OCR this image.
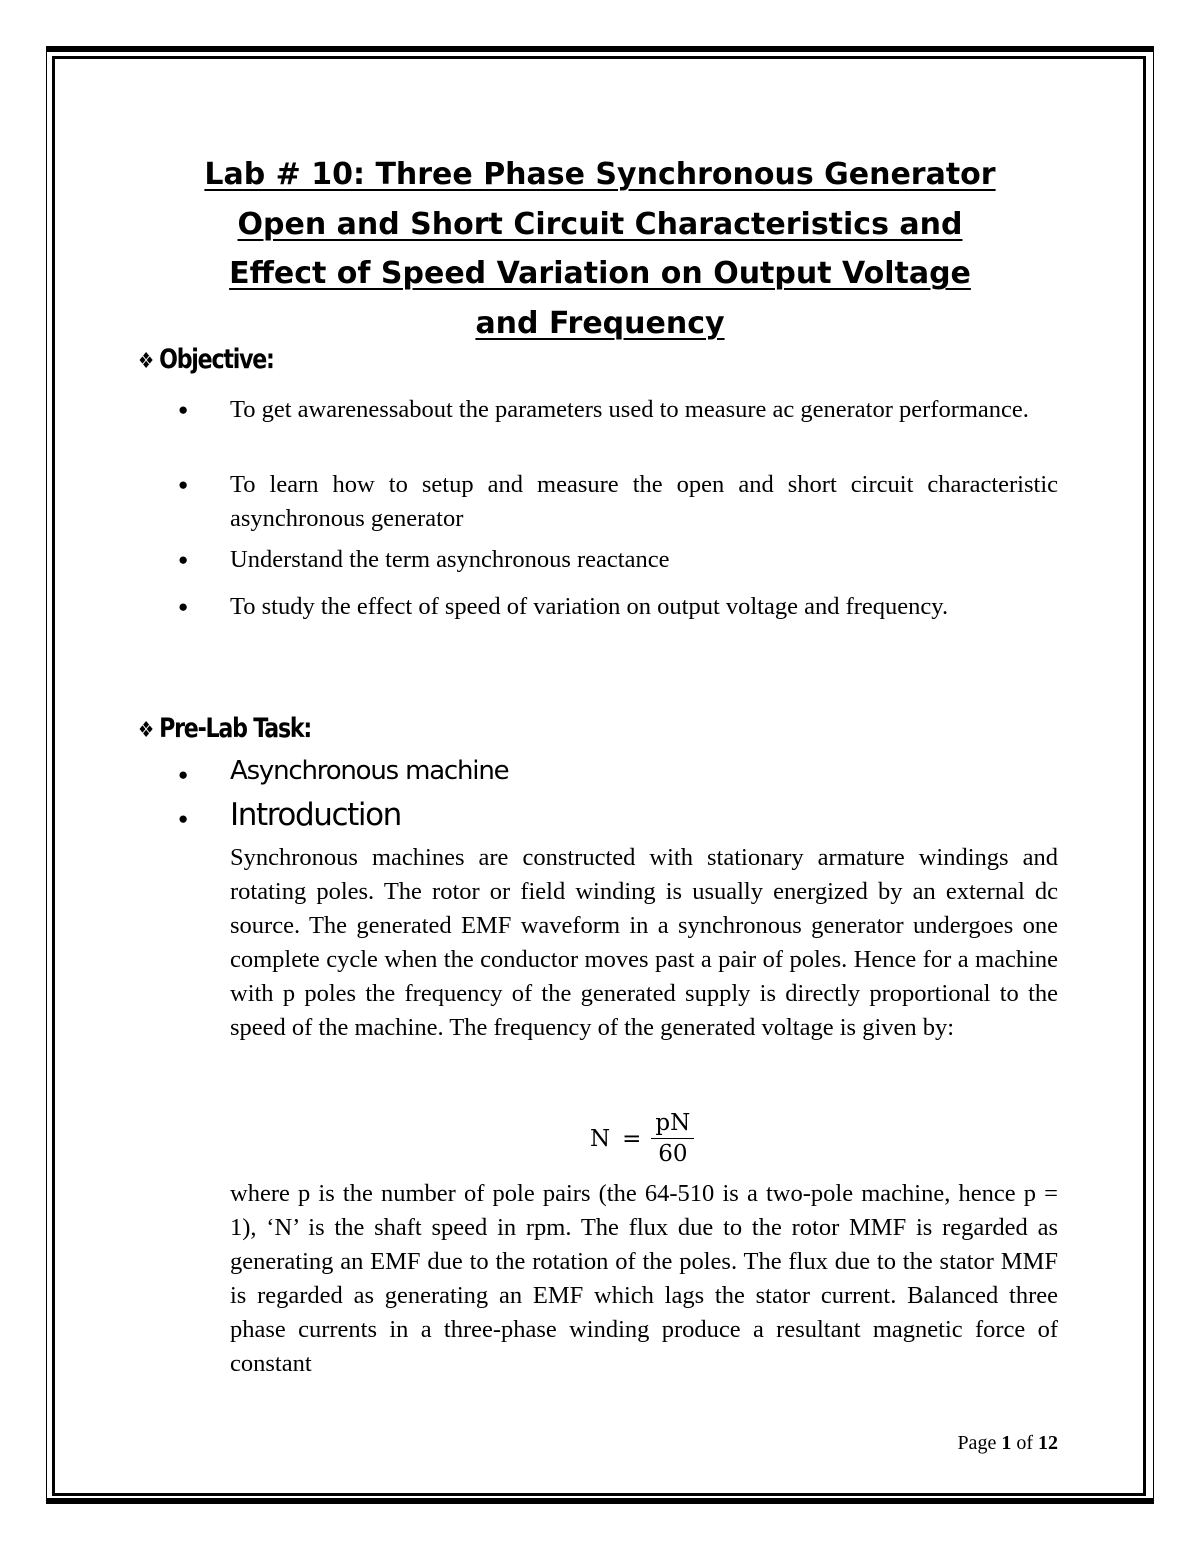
Lab # 10: Three Phase Synchronous Generator
Open and Short Circuit Characteristics and
Effect of Speed Variation on Output Voltage
and Frequency
❖ Objective:
● To get awarenessabout the parameters used to measure ac generator performance.

● To learn how to setup and measure the open and short circuit characteristic asynchronous generator

● Understand the term asynchronous reactance

● To study the effect of speed of variation on output voltage and frequency.

❖ Pre-Lab Task:
● Asynchronous machine
● Introduction

Synchronous machines are constructed with stationary armature windings and rotating poles. The rotor or field winding is usually energized by an external dc source. The generated EMF waveform in a synchronous generator undergoes one complete cycle when the conductor moves past a pair of poles. Hence for a machine with p poles the frequency of the generated supply is directly proportional to the speed of the machine. The frequency of the generated voltage is given by:

$N = \frac{pN}{60}$

where p is the number of pole pairs (the 64-510 is a two-pole machine, hence p = 1), ‘N’ is the shaft speed in rpm. The flux due to the rotor MMF is regarded as generating an EMF due to the rotation of the poles. The flux due to the stator MMF is regarded as generating an EMF which lags the stator current. Balanced three phase currents in a three-phase winding produce a resultant magnetic force of constant

Page 1 of 12
